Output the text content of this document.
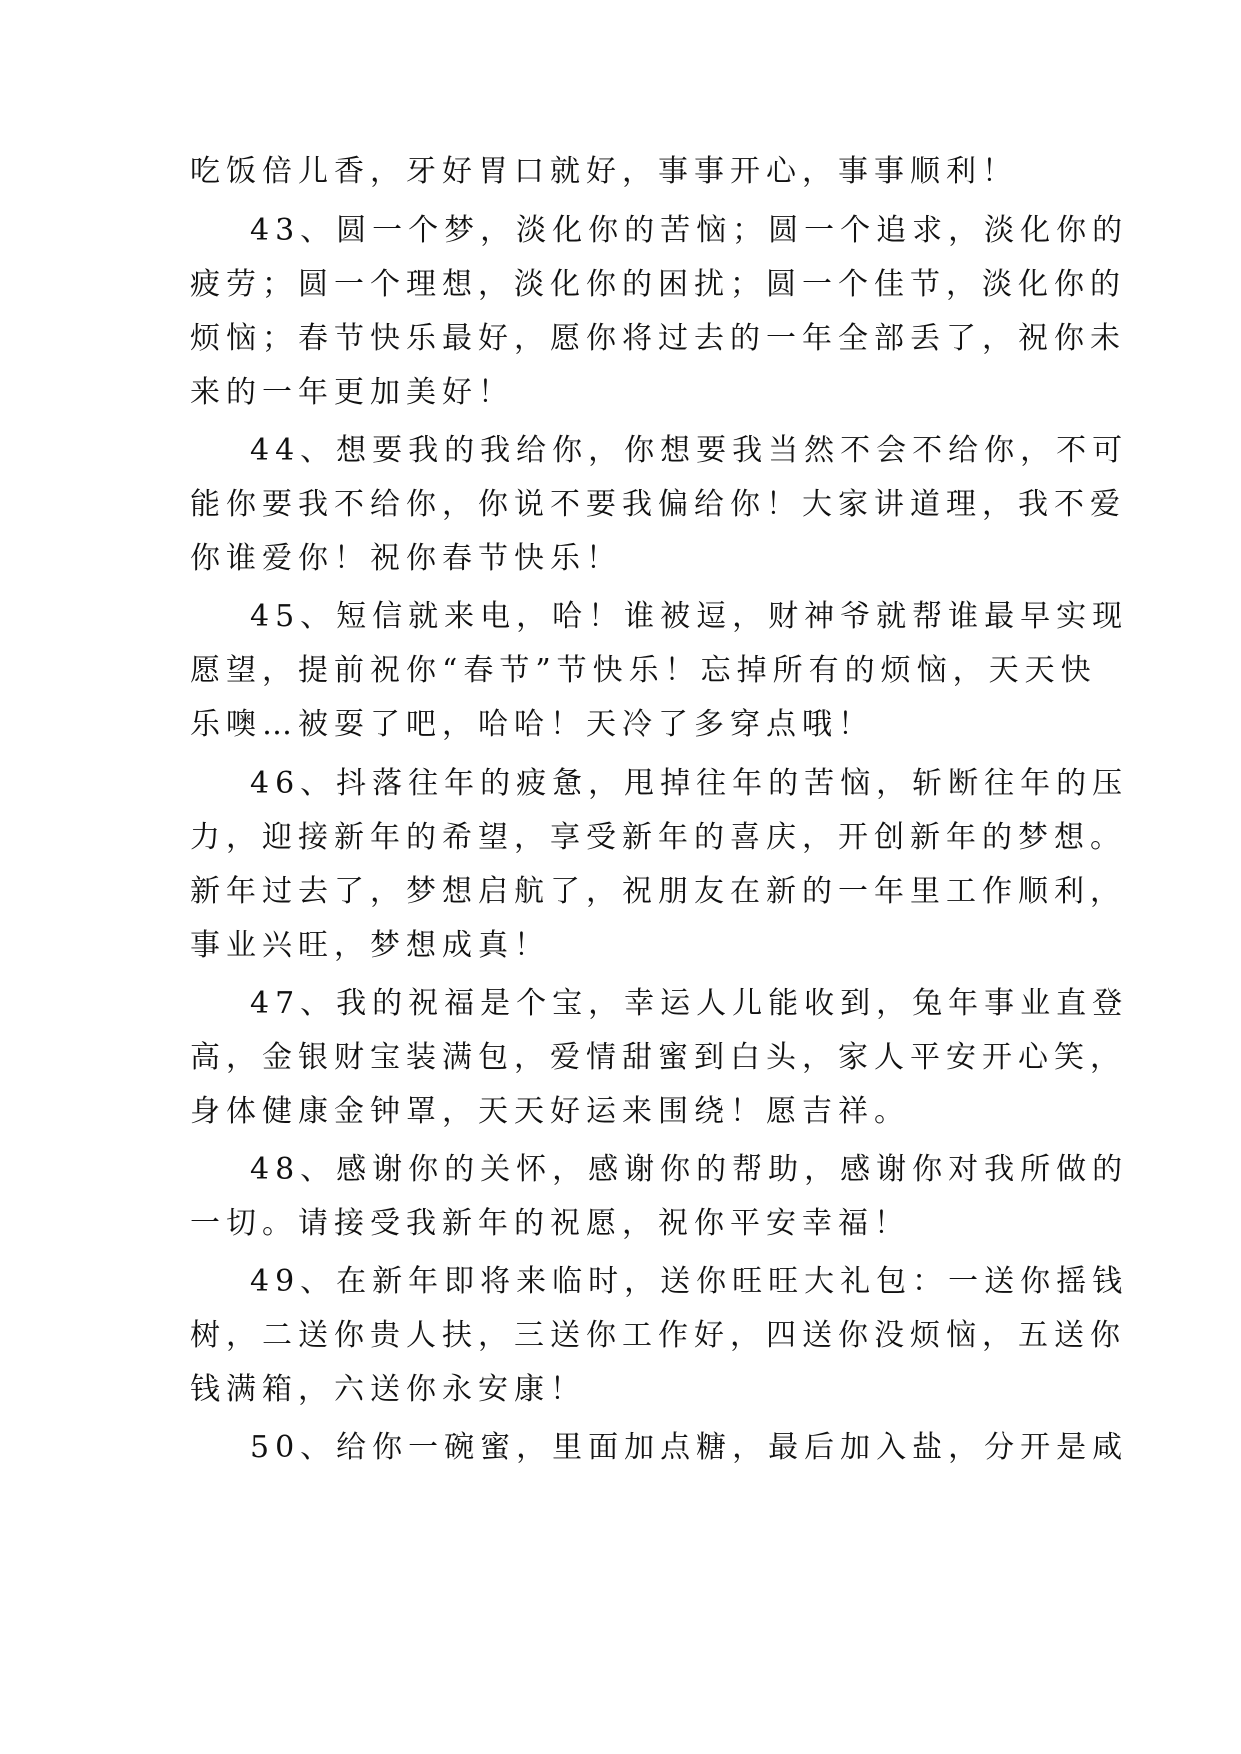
吃饭倍儿香，牙好胃口就好，事事开心，事事顺利！
43、圆一个梦，淡化你的苦恼；圆一个追求，淡化你的
疲劳；圆一个理想，淡化你的困扰；圆一个佳节，淡化你的
烦恼；春节快乐最好，愿你将过去的一年全部丢了，祝你未
来的一年更加美好！
44、想要我的我给你，你想要我当然不会不给你，不可
能你要我不给你，你说不要我偏给你！大家讲道理，我不爱
你谁爱你！祝你春节快乐！
45、短信就来电，哈！谁被逗，财神爷就帮谁最早实现
愿望，提前祝你“春节”节快乐！忘掉所有的烦恼，天天快
乐噢…被耍了吧，哈哈！天冷了多穿点哦！
46、抖落往年的疲惫，甩掉往年的苦恼，斩断往年的压
力，迎接新年的希望，享受新年的喜庆，开创新年的梦想。
新年过去了，梦想启航了，祝朋友在新的一年里工作顺利，
事业兴旺，梦想成真！
47、我的祝福是个宝，幸运人儿能收到，兔年事业直登
高，金银财宝装满包，爱情甜蜜到白头，家人平安开心笑，
身体健康金钟罩，天天好运来围绕！愿吉祥。
48、感谢你的关怀，感谢你的帮助，感谢你对我所做的
一切。请接受我新年的祝愿，祝你平安幸福！
49、在新年即将来临时，送你旺旺大礼包：一送你摇钱
树，二送你贵人扶，三送你工作好，四送你没烦恼，五送你
钱满箱，六送你永安康！
50、给你一碗蜜，里面加点糖，最后加入盐，分开是咸
